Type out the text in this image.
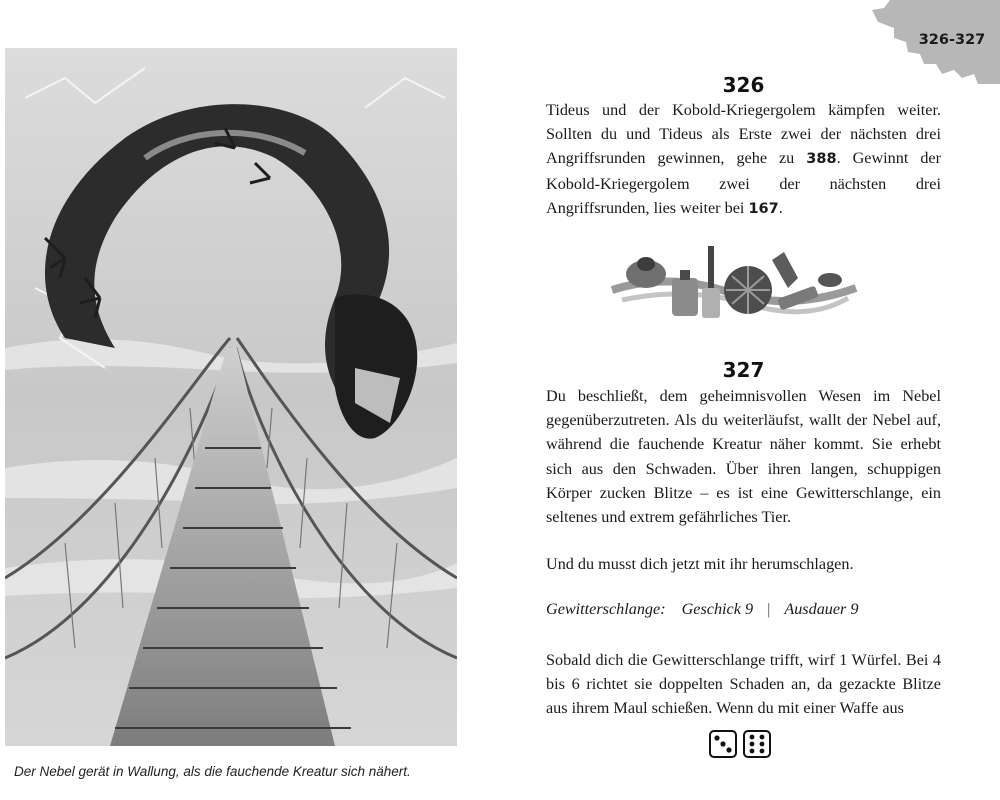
Der Nebel gerät in Wallung, als die fauchende Kreatur sich nähert.
326-327
326

Tideus und der Kobold-Kriegergolem kämpfen weiter. Sollten du und Tideus als Erste zwei der nächsten drei Angriffsrunden gewinnen, gehe zu 388. Gewinnt der Kobold-Kriegergolem zwei der nächsten drei Angriffsrunden, lies weiter bei 167.

327

Du beschließt, dem geheimnisvollen Wesen im Nebel gegenüberzutreten. Als du weiterläufst, wallt der Nebel auf, während die fauchende Kreatur näher kommt. Sie erhebt sich aus den Schwaden. Über ihren langen, schuppigen Körper zucken Blitze – es ist eine Gewitterschlange, ein seltenes und extrem gefährliches Tier.

Und du musst dich jetzt mit ihr herumschlagen.

Gewitterschlange: Geschick 9 | Ausdauer 9

Sobald dich die Gewitterschlange trifft, wirf 1 Würfel. Bei 4 bis 6 richtet sie doppelten Schaden an, da gezackte Blitze aus ihrem Maul schießen. Wenn du mit einer Waffe aus
